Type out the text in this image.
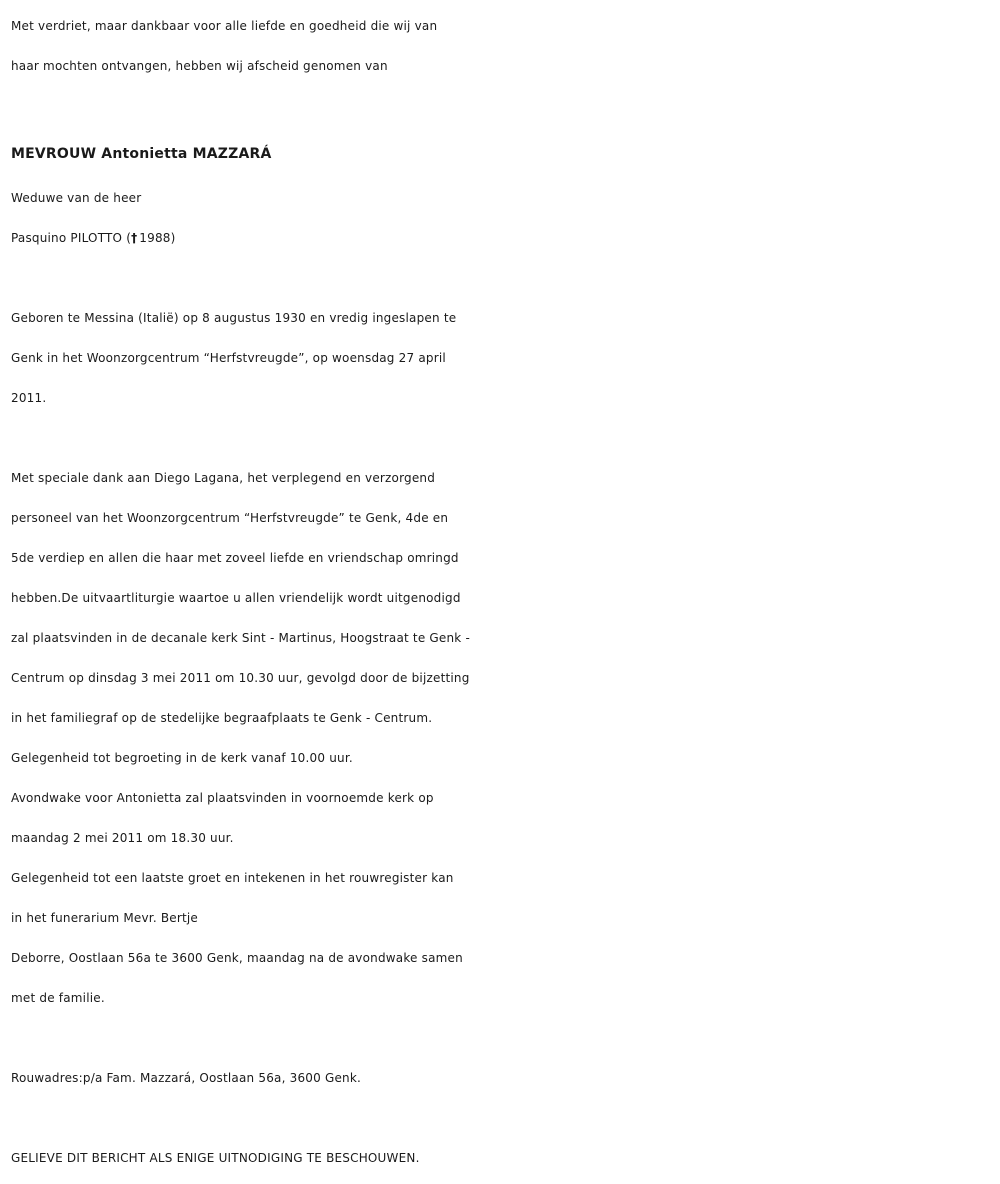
Met verdriet, maar dankbaar voor alle liefde en goedheid die wij van
haar mochten ontvangen, hebben wij afscheid genomen van
MEVROUW Antonietta MAZZARÁ
Weduwe van de heer
Pasquino PILOTTO († 1988)
Geboren te Messina (Italië) op 8 augustus 1930 en vredig ingeslapen te
Genk in het Woonzorgcentrum “Herfstvreugde”, op woensdag 27 april
2011.
Met speciale dank aan Diego Lagana, het verplegend en verzorgend
personeel van het Woonzorgcentrum “Herfstvreugde” te Genk, 4de en
5de verdiep en allen die haar met zoveel liefde en vriendschap omringd
hebben.De uitvaartliturgie waartoe u allen vriendelijk wordt uitgenodigd
zal plaatsvinden in de decanale kerk Sint - Martinus, Hoogstraat te Genk -
Centrum op dinsdag 3 mei 2011 om 10.30 uur, gevolgd door de bijzetting
in het familiegraf op de stedelijke begraafplaats te Genk - Centrum.
Gelegenheid tot begroeting in de kerk vanaf 10.00 uur.
Avondwake voor Antonietta zal plaatsvinden in voornoemde kerk op
maandag 2 mei 2011 om 18.30 uur.
Gelegenheid tot een laatste groet en intekenen in het rouwregister kan
in het funerarium Mevr. Bertje
Deborre, Oostlaan 56a te 3600 Genk, maandag na de avondwake samen
met de familie.
Rouwadres:p/a Fam. Mazzará, Oostlaan 56a, 3600 Genk.
GELIEVE DIT BERICHT ALS ENIGE UITNODIGING TE BESCHOUWEN.
